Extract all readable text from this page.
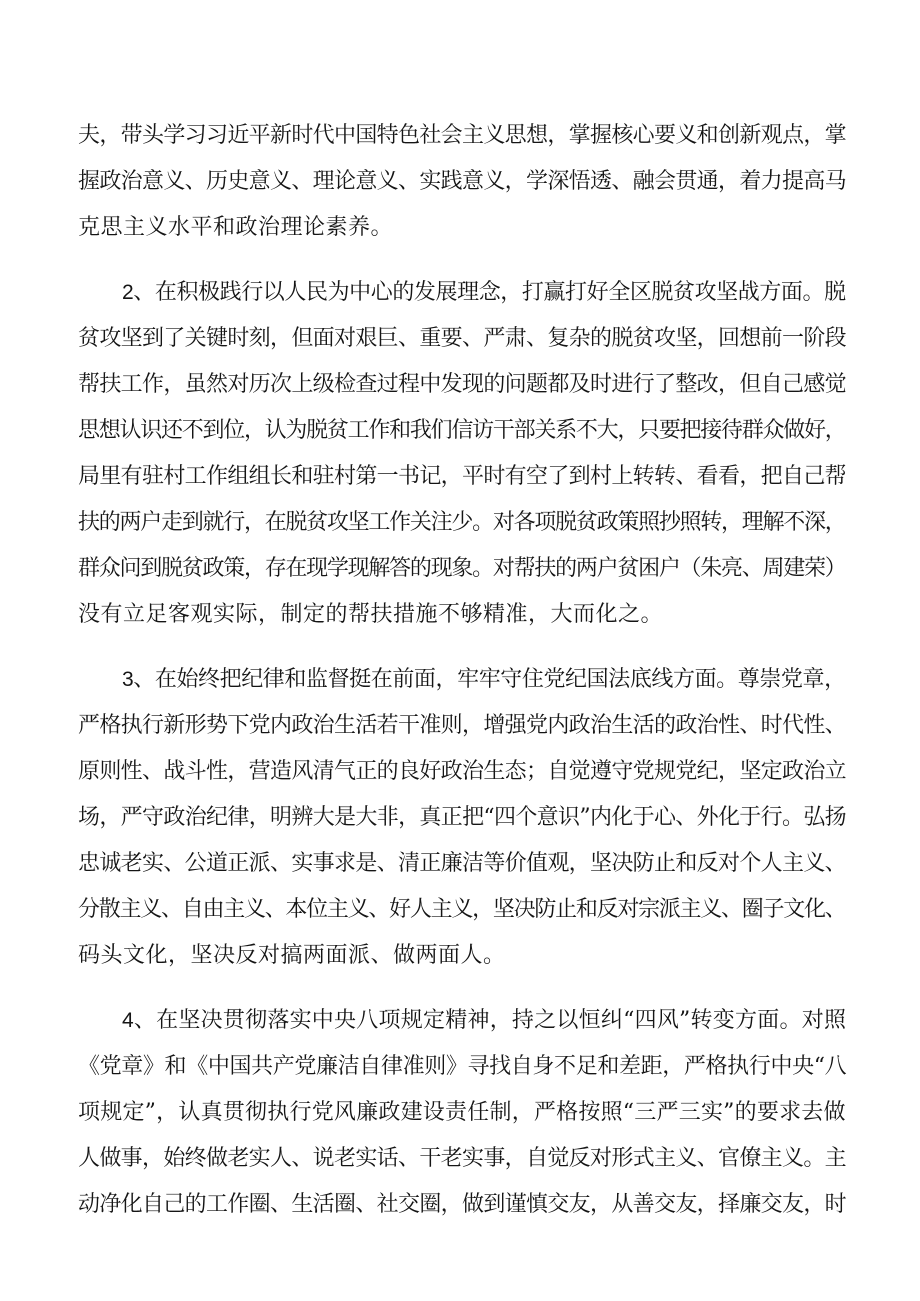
夫，带头学习习近平新时代中国特色社会主义思想，掌握核心要义和创新观点，掌
握政治意义、历史意义、理论意义、实践意义，学深悟透、融会贯通，着力提高马
克思主义水平和政治理论素养。
2、在积极践行以人民为中心的发展理念，打赢打好全区脱贫攻坚战方面。脱
贫攻坚到了关键时刻，但面对艰巨、重要、严肃、复杂的脱贫攻坚，回想前一阶段
帮扶工作，虽然对历次上级检查过程中发现的问题都及时进行了整改，但自己感觉
思想认识还不到位，认为脱贫工作和我们信访干部关系不大，只要把接待群众做好，
局里有驻村工作组组长和驻村第一书记，平时有空了到村上转转、看看，把自己帮
扶的两户走到就行，在脱贫攻坚工作关注少。对各项脱贫政策照抄照转，理解不深，
群众问到脱贫政策，存在现学现解答的现象。对帮扶的两户贫困户（朱亮、周建荣）
没有立足客观实际，制定的帮扶措施不够精准，大而化之。
3、在始终把纪律和监督挺在前面，牢牢守住党纪国法底线方面。尊崇党章，
严格执行新形势下党内政治生活若干准则，增强党内政治生活的政治性、时代性、
原则性、战斗性，营造风清气正的良好政治生态；自觉遵守党规党纪，坚定政治立
场，严守政治纪律，明辨大是大非，真正把“四个意识”内化于心、外化于行。弘扬
忠诚老实、公道正派、实事求是、清正廉洁等价值观，坚决防止和反对个人主义、
分散主义、自由主义、本位主义、好人主义，坚决防止和反对宗派主义、圈子文化、
码头文化，坚决反对搞两面派、做两面人。
4、在坚决贯彻落实中央八项规定精神，持之以恒纠“四风”转变方面。对照
《党章》和《中国共产党廉洁自律准则》寻找自身不足和差距，严格执行中央“八
项规定”，认真贯彻执行党风廉政建设责任制，严格按照“三严三实”的要求去做
人做事，始终做老实人、说老实话、干老实事，自觉反对形式主义、官僚主义。主
动净化自己的工作圈、生活圈、社交圈，做到谨慎交友，从善交友，择廉交友，时
